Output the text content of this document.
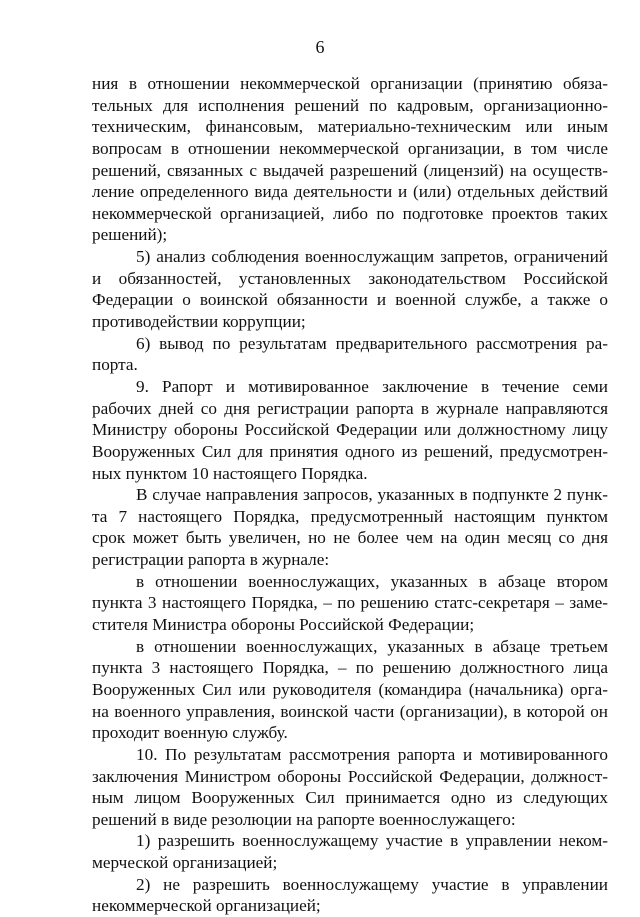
6
ния в отношении некоммерческой организации (принятию обяза-
тельных для исполнения решений по кадровым, организационно-
техническим, финансовым, материально-техническим или иным
вопросам в отношении некоммерческой организации, в том числе
решений, связанных с выдачей разрешений (лицензий) на осуществ-
ление определенного вида деятельности и (или) отдельных действий
некоммерческой организацией, либо по подготовке проектов таких
решений);
5) анализ соблюдения военнослужащим запретов, ограничений
и обязанностей, установленных законодательством Российской
Федерации о воинской обязанности и военной службе, а также о
противодействии коррупции;
6) вывод по результатам предварительного рассмотрения ра-
порта.
9. Рапорт и мотивированное заключение в течение семи
рабочих дней со дня регистрации рапорта в журнале направляются
Министру обороны Российской Федерации или должностному лицу
Вооруженных Сил для принятия одного из решений, предусмотрен-
ных пунктом 10 настоящего Порядка.
В случае направления запросов, указанных в подпункте 2 пунк-
та 7 настоящего Порядка, предусмотренный настоящим пунктом
срок может быть увеличен, но не более чем на один месяц со дня
регистрации рапорта в журнале:
в отношении военнослужащих, указанных в абзаце втором
пункта 3 настоящего Порядка, – по решению статс-секретаря – заме-
стителя Министра обороны Российской Федерации;
в отношении военнослужащих, указанных в абзаце третьем
пункта 3 настоящего Порядка, – по решению должностного лица
Вооруженных Сил или руководителя (командира (начальника) орга-
на военного управления, воинской части (организации), в которой он
проходит военную службу.
10. По результатам рассмотрения рапорта и мотивированного
заключения Министром обороны Российской Федерации, должност-
ным лицом Вооруженных Сил принимается одно из следующих
решений в виде резолюции на рапорте военнослужащего:
1) разрешить военнослужащему участие в управлении неком-
мерческой организацией;
2) не разрешить военнослужащему участие в управлении
некоммерческой организацией;
